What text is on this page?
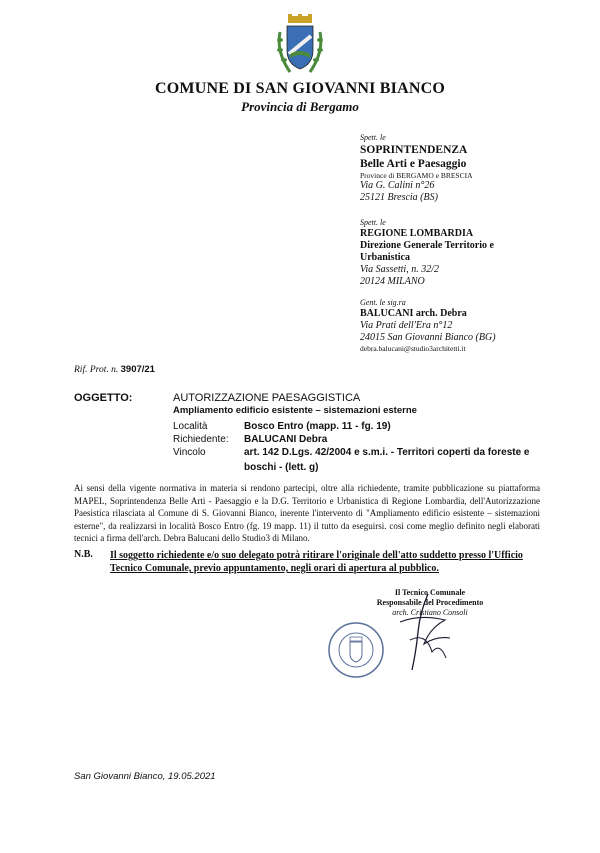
COMUNE DI SAN GIOVANNI BIANCO
Provincia di Bergamo
Spett. le
SOPRINTENDENZA
Belle Arti e Paesaggio
Province di BERGAMO e BRESCIA
Via G. Calini n°26
25121 Brescia (BS)
Spett. le
REGIONE LOMBARDIA
Direzione Generale Territorio e
Urbanistica
Via Sassetti, n. 32/2
20124 MILANO
Gent. le sig.ra
BALUCANI arch. Debra
Via Prati dell'Era n°12
24015 San Giovanni Bianco (BG)
debra.balucani@studio3architetti.it
Rif. Prot. n. 3907/21
OGGETTO:	AUTORIZZAZIONE PAESAGGISTICA
Ampliamento edificio esistente – sistemazioni esterne
Località	Bosco Entro (mapp. 11 - fg. 19)
Richiedente: BALUCANI Debra
Vincolo	art. 142 D.Lgs. 42/2004 e s.m.i. - Territori coperti da foreste e boschi - (lett. g)
Ai sensi della vigente normativa in materia si rendono partecipi, oltre alla richiedente, tramite pubblicazione su piattaforma MAPEL, Soprintendenza Belle Arti - Paesaggio e la D.G. Territorio e Urbanistica di Regione Lombardia, dell'Autorizzazione Paesistica rilasciata al Comune di S. Giovanni Bianco, inerente l'intervento di "Ampliamento edificio esistente – sistemazioni esterne", da realizzarsi in località Bosco Entro (fg. 19 mapp. 11) il tutto da eseguirsi. così come meglio definito negli elaborati tecnici a firma dell'arch. Debra Balucani dello Studio3 di Milano.
N.B. Il soggetto richiedente e/o suo delegato potrà ritirare l'originale dell'atto suddetto presso l'Ufficio Tecnico Comunale, previo appuntamento, negli orari di apertura al pubblico.
Il Tecnico Comunale
Responsabile del Procedimento
arch. Cristiano Consoli
San Giovanni Bianco, 19.05.2021
